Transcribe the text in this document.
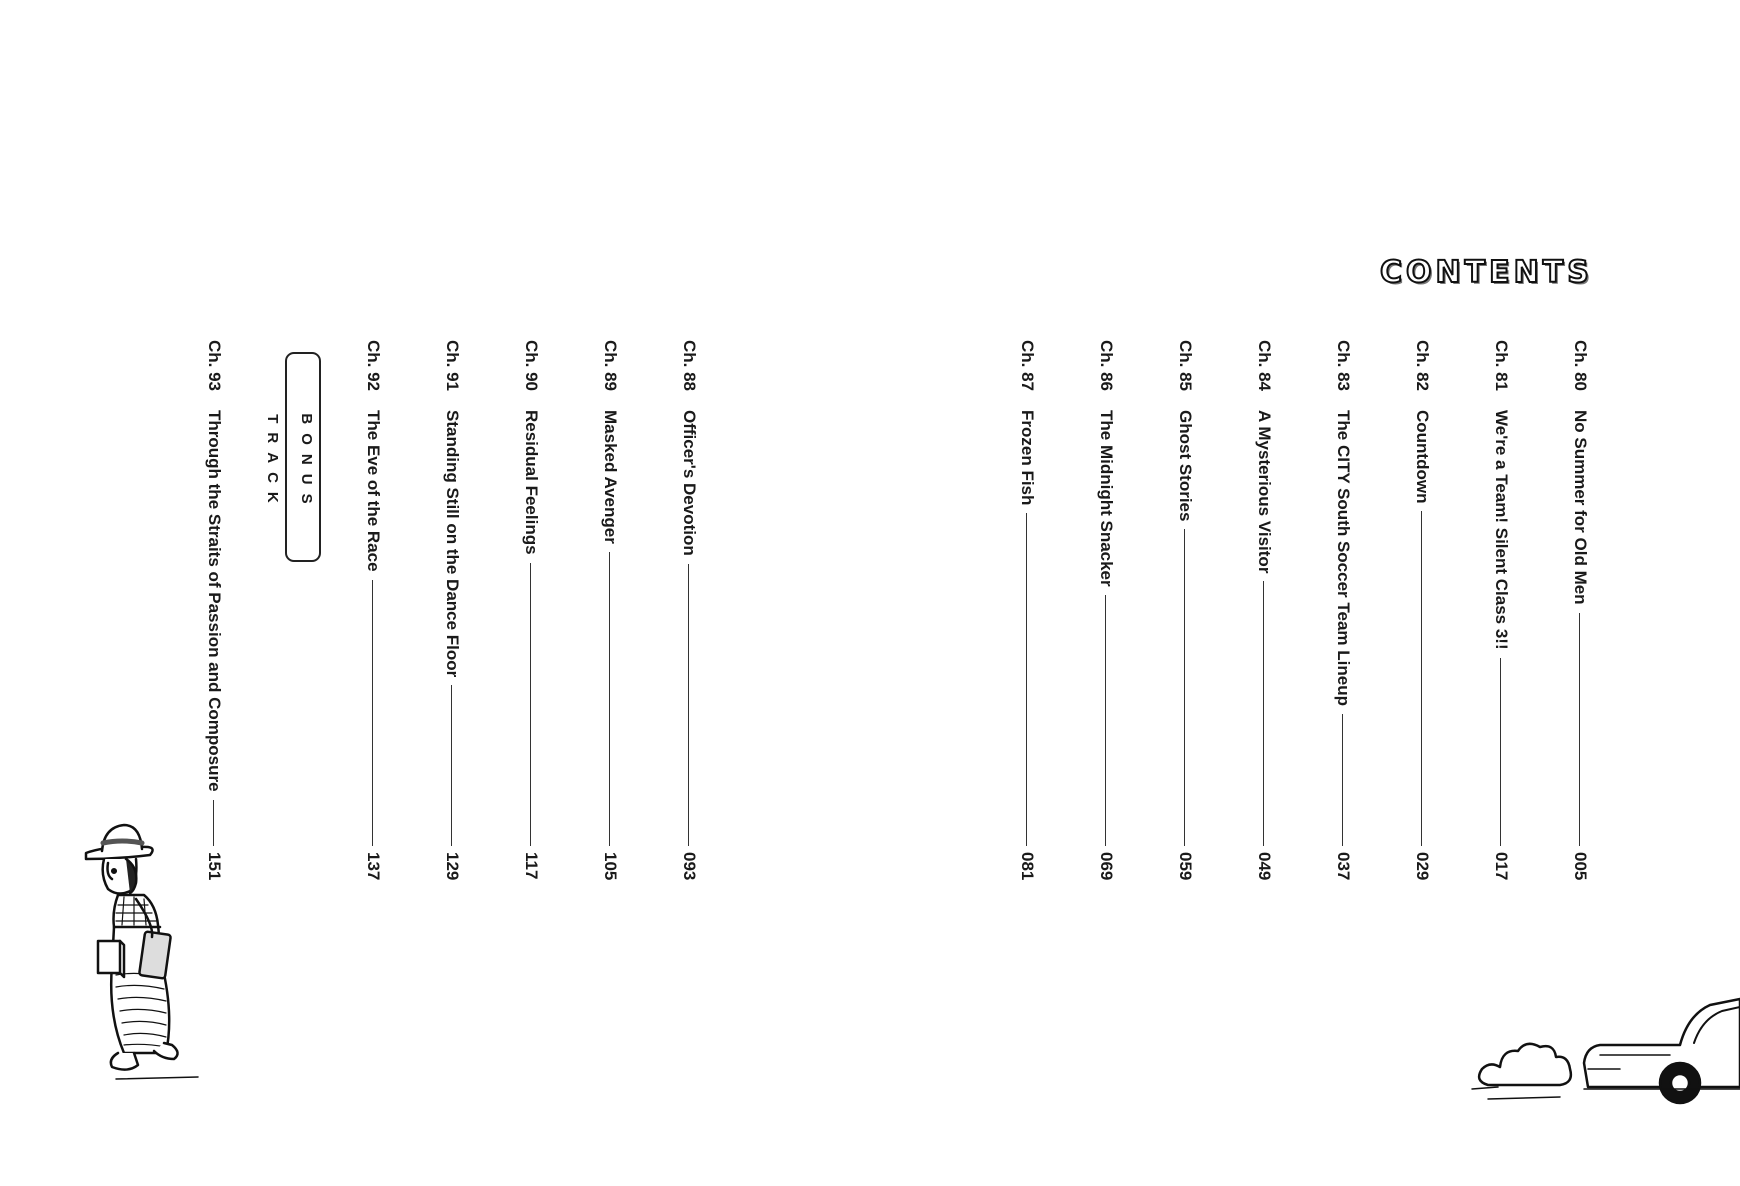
C O N T E N T S
Ch. 80
No Summer for Old Men
005
Ch. 81
We're a Team! Silent Class 3!!
017
Ch. 82
Countdown
029
Ch. 83
The CITY South Soccer Team Lineup
037
Ch. 84
A Mysterious Visitor
049
Ch. 85
Ghost Stories
059
Ch. 86
The Midnight Snacker
069
Ch. 87
Frozen Fish
081
Ch. 88
Officer's Devotion
093
Ch. 89
Masked Avenger
105
Ch. 90
Residual Feelings
117
Ch. 91
Standing Still on the Dance Floor
129
Ch. 92
The Eve of the Race
137
BONUS TRACK
Ch. 93
Through the Straits of Passion and Composure
151
